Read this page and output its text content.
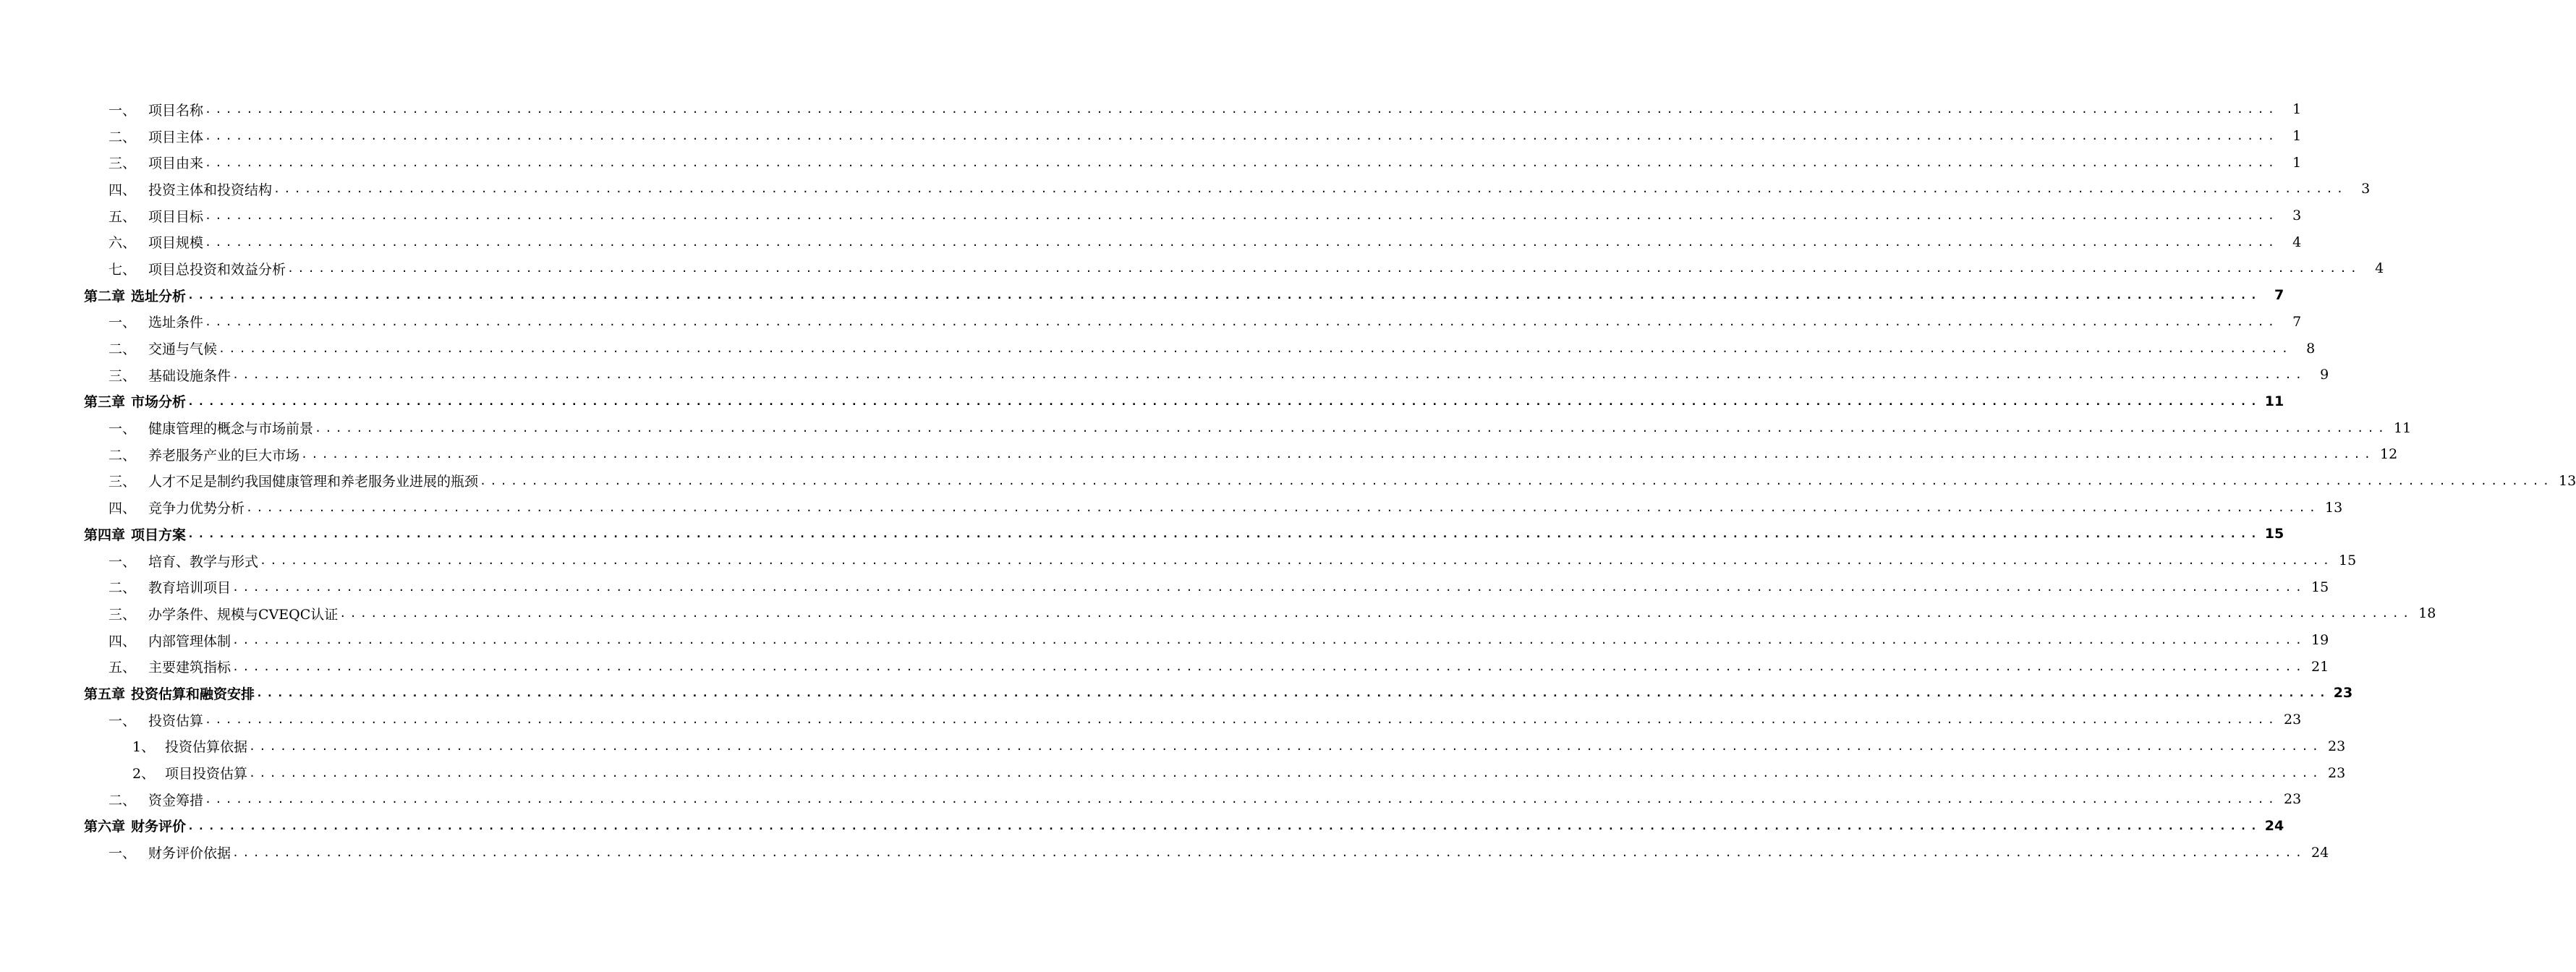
一、 项目名称 ........................................................................................................................................................................................................	1
二、 项目主体 ........................................................................................................................................................................................................	1
三、 项目由来 ........................................................................................................................................................................................................	1
四、 投资主体和投资结构 ........................................................................................................................................................................................................	3
五、 项目目标 ........................................................................................................................................................................................................	3
六、 项目规模 ........................................................................................................................................................................................................	4
七、 项目总投资和效益分析 ........................................................................................................................................................................................................	4
第二章 选址分析 ........................................................................................................................................................................................................ 7
一、 选址条件 ........................................................................................................................................................................................................	7
二、 交通与气候 ........................................................................................................................................................................................................	8
三、 基础设施条件 ........................................................................................................................................................................................................	9
第三章 市场分析 ........................................................................................................................................................................................................ 11
一、 健康管理的概念与市场前景 ........................................................................................................................................................................................................ 11
二、 养老服务产业的巨大市场 ........................................................................................................................................................................................................ 12
三、 人才不足是制约我国健康管理和养老服务业进展的瓶颈 ........................................................................................................................................................................................................ 13
四、 竞争力优势分析 ........................................................................................................................................................................................................ 13
第四章 项目方案 ........................................................................................................................................................................................................ 15
一、 培育、教学与形式 ........................................................................................................................................................................................................ 15
二、 教育培训项目 ........................................................................................................................................................................................................ 15
三、 办学条件、规模与CVEQC认证 ........................................................................................................................................................................................................ 18
四、 内部管理体制 ........................................................................................................................................................................................................ 19
五、 主要建筑指标 ........................................................................................................................................................................................................ 21
第五章 投资估算和融资安排 ........................................................................................................................................................................................................ 23
一、 投资估算 ........................................................................................................................................................................................................ 23
1、 投资估算依据 ........................................................................................................................................................................................................ 23
2、 项目投资估算 ........................................................................................................................................................................................................ 23
二、 资金筹措 ........................................................................................................................................................................................................ 23
第六章 财务评价 ........................................................................................................................................................................................................ 24
一、 财务评价依据 ........................................................................................................................................................................................................ 24
